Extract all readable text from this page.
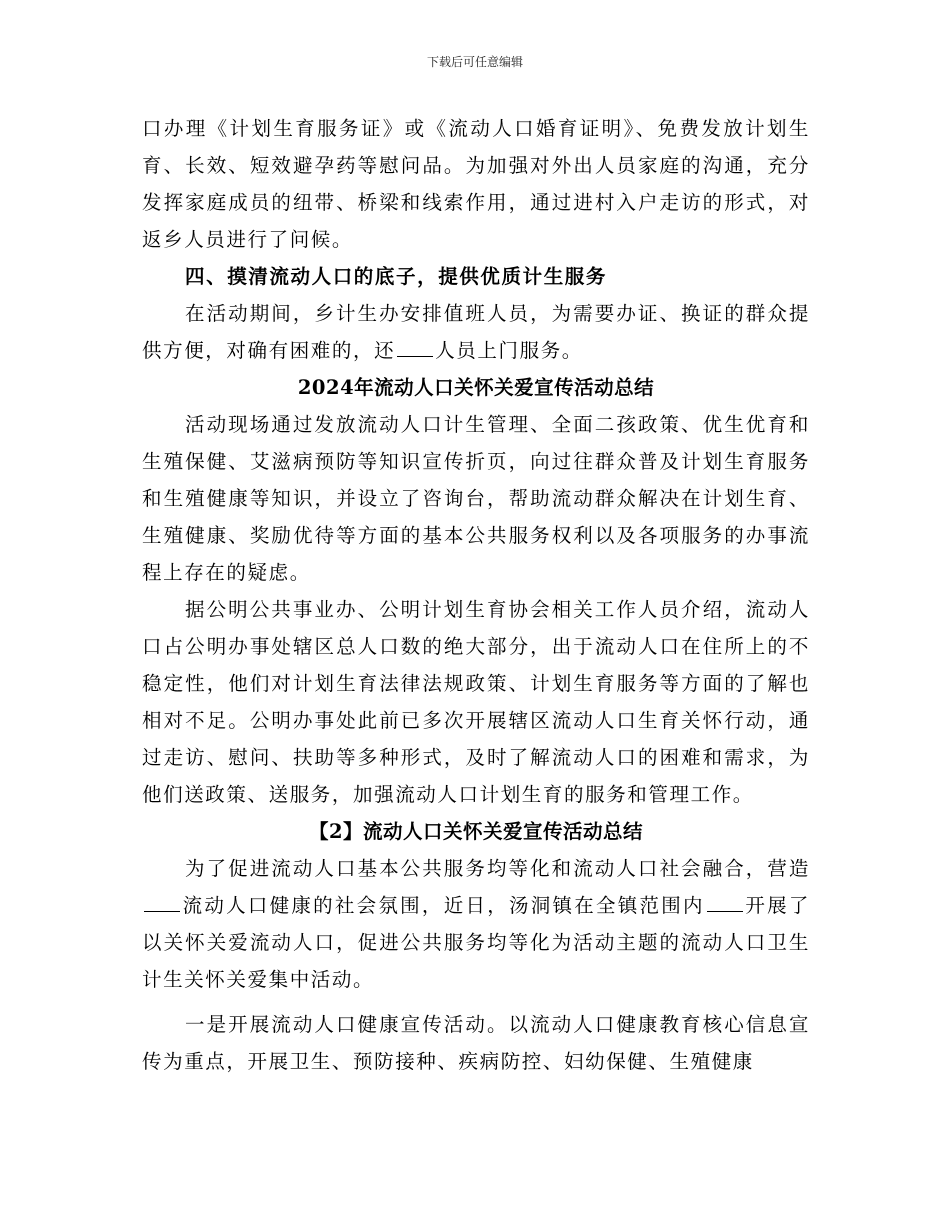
下载后可任意编辑

口办理《计划生育服务证》或《流动人口婚育证明》、免费发放计划生育、长效、短效避孕药等慰问品。为加强对外出人员家庭的沟通，充分发挥家庭成员的纽带、桥梁和线索作用，通过进村入户走访的形式，对返乡人员进行了问候。

四、摸清流动人口的底子，提供优质计生服务

在活动期间，乡计生办安排值班人员，为需要办证、换证的群众提供方便，对确有困难的，还 人员上门服务。

2024年流动人口关怀关爱宣传活动总结

活动现场通过发放流动人口计生管理、全面二孩政策、优生优育和生殖保健、艾滋病预防等知识宣传折页，向过往群众普及计划生育服务和生殖健康等知识，并设立了咨询台，帮助流动群众解决在计划生育、生殖健康、奖励优待等方面的基本公共服务权利以及各项服务的办事流程上存在的疑虑。

据公明公共事业办、公明计划生育协会相关工作人员介绍，流动人口占公明办事处辖区总人口数的绝大部分，出于流动人口在住所上的不稳定性，他们对计划生育法律法规政策、计划生育服务等方面的了解也相对不足。公明办事处此前已多次开展辖区流动人口生育关怀行动，通过走访、慰问、扶助等多种形式，及时了解流动人口的困难和需求，为他们送政策、送服务，加强流动人口计划生育的服务和管理工作。

【2】流动人口关怀关爱宣传活动总结

为了促进流动人口基本公共服务均等化和流动人口社会融合，营造流动人口健康的社会氛围，近日，汤洞镇在全镇范围内 开展了以关怀关爱流动人口，促进公共服务均等化为活动主题的流动人口卫生计生关怀关爱集中活动。

一是开展流动人口健康宣传活动。以流动人口健康教育核心信息宣传为重点，开展卫生、预防接种、疾病防控、妇幼保健、生殖健康
